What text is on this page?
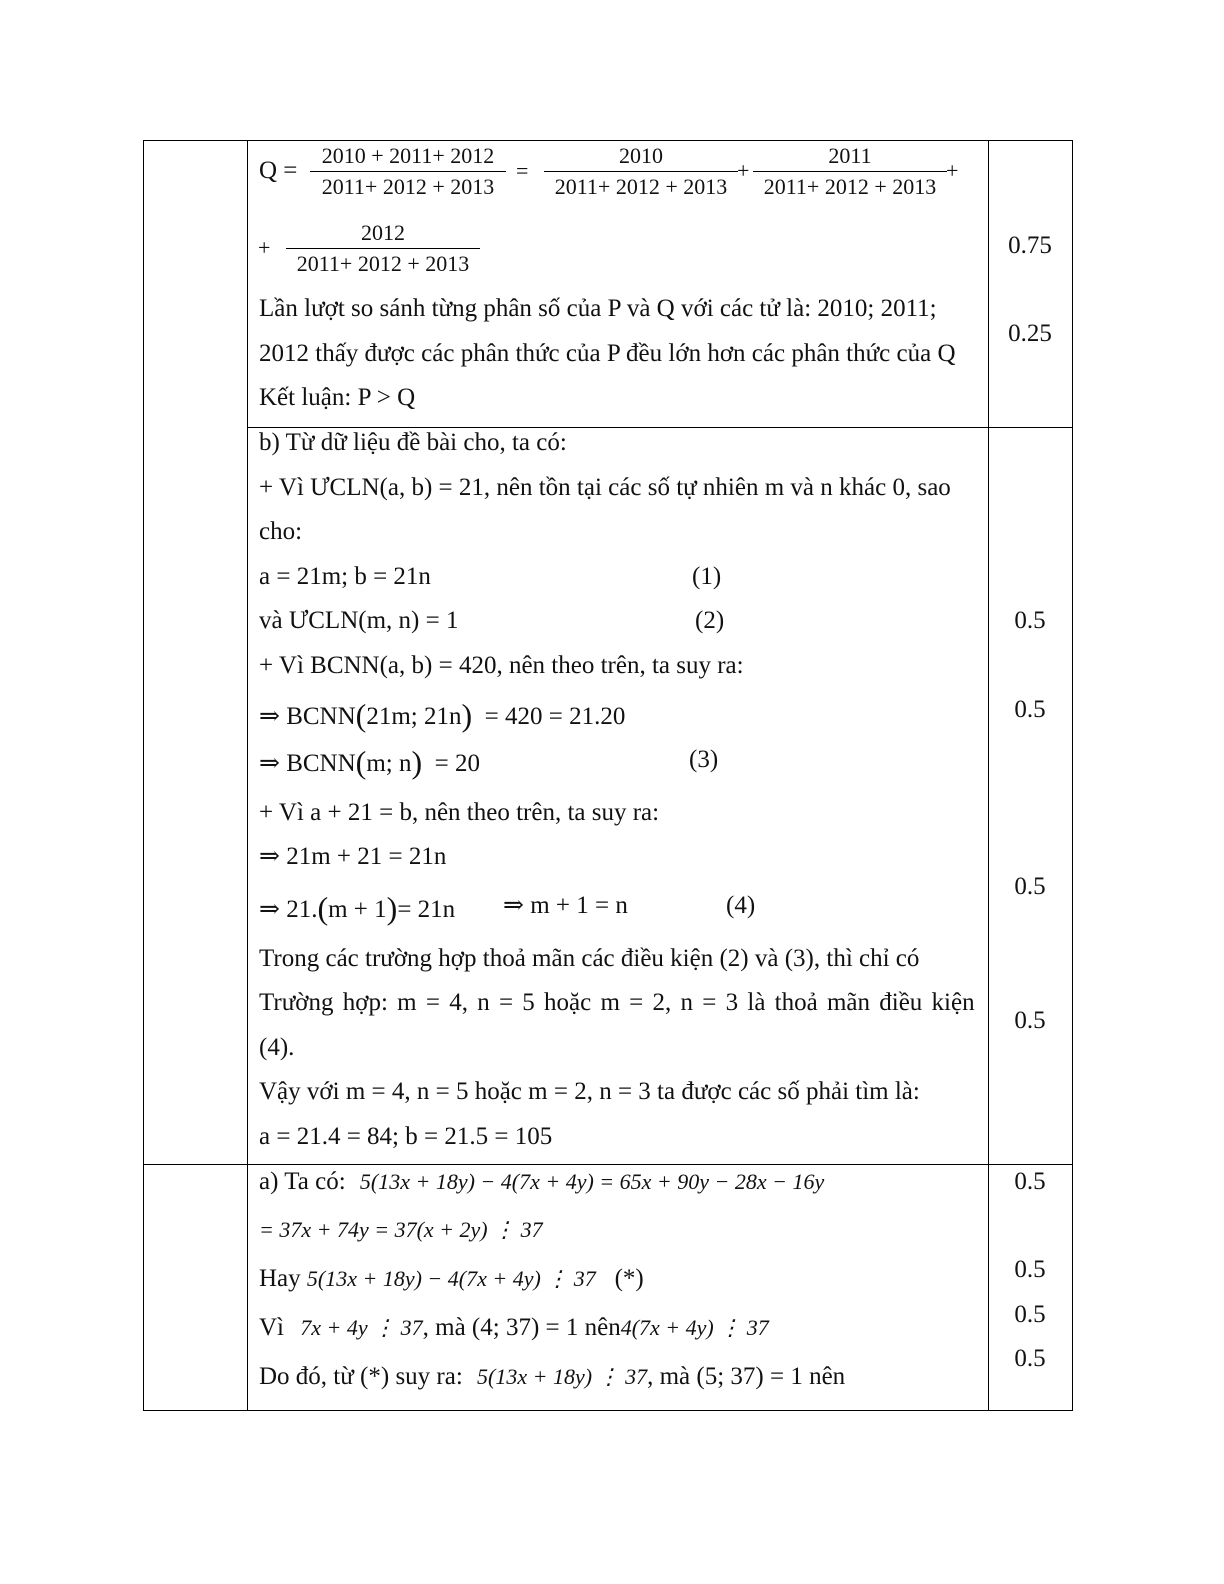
$Q = \frac{2010 + 2011+ 2012}{2011+ 2012 + 2013} = \frac{2010}{2011+ 2012 + 2013} + \frac{2011}{2011+ 2012 + 2013}$ +
+ $\frac{2012}{2011+ 2012 + 2013}$
Lần lượt so sánh từng phân số của P và Q với các tử là: 2010; 2011;
2012 thấy được các phân thức của P đều lớn hơn các phân thức của Q
Kết luận: P > Q
0.75
0.25
b) Từ dữ liệu đề bài cho, ta có:
+ Vì ƯCLN(a, b) = 21, nên tồn tại các số tự nhiên m và n khác 0, sao
cho:
a = 21m; b = 21n	(1)
và ƯCLN(m, n) = 1	(2)
+ Vì BCNN(a, b) = 420, nên theo trên, ta suy ra:
⇒ BCNN(21m; 21n) = 420 = 21.20
⇒ BCNN(m; n) = 20	(3)
+ Vì a + 21 = b, nên theo trên, ta suy ra:
⇒ 21m + 21 = 21n
⇒ 21.(m + 1)= 21n ⇒ m + 1 = n	(4)
Trong các trường hợp thoả mãn các điều kiện (2) và (3), thì chỉ có
Trường hợp: m = 4, n = 5 hoặc m = 2, n = 3 là thoả mãn điều kiện
(4).
Vậy với m = 4, n = 5 hoặc m = 2, n = 3 ta được các số phải tìm là:
a = 21.4 = 84; b = 21.5 = 105
0.5
0.5
0.5
0.5
a) Ta có: 5(13x + 18y) − 4(7x + 4y) = 65x + 90y − 28x − 16y
= 37x + 74y = 37(x + 2y) ⋮ 37
Hay 5(13x + 18y) − 4(7x + 4y) ⋮ 37 (*)
Vì 7x + 4y ⋮ 37, mà (4; 37) = 1 nên4(7x + 4y) ⋮ 37
Do đó, từ (*) suy ra: 5(13x + 18y) ⋮ 37, mà (5; 37) = 1 nên
0.5
0.5
0.5
0.5
